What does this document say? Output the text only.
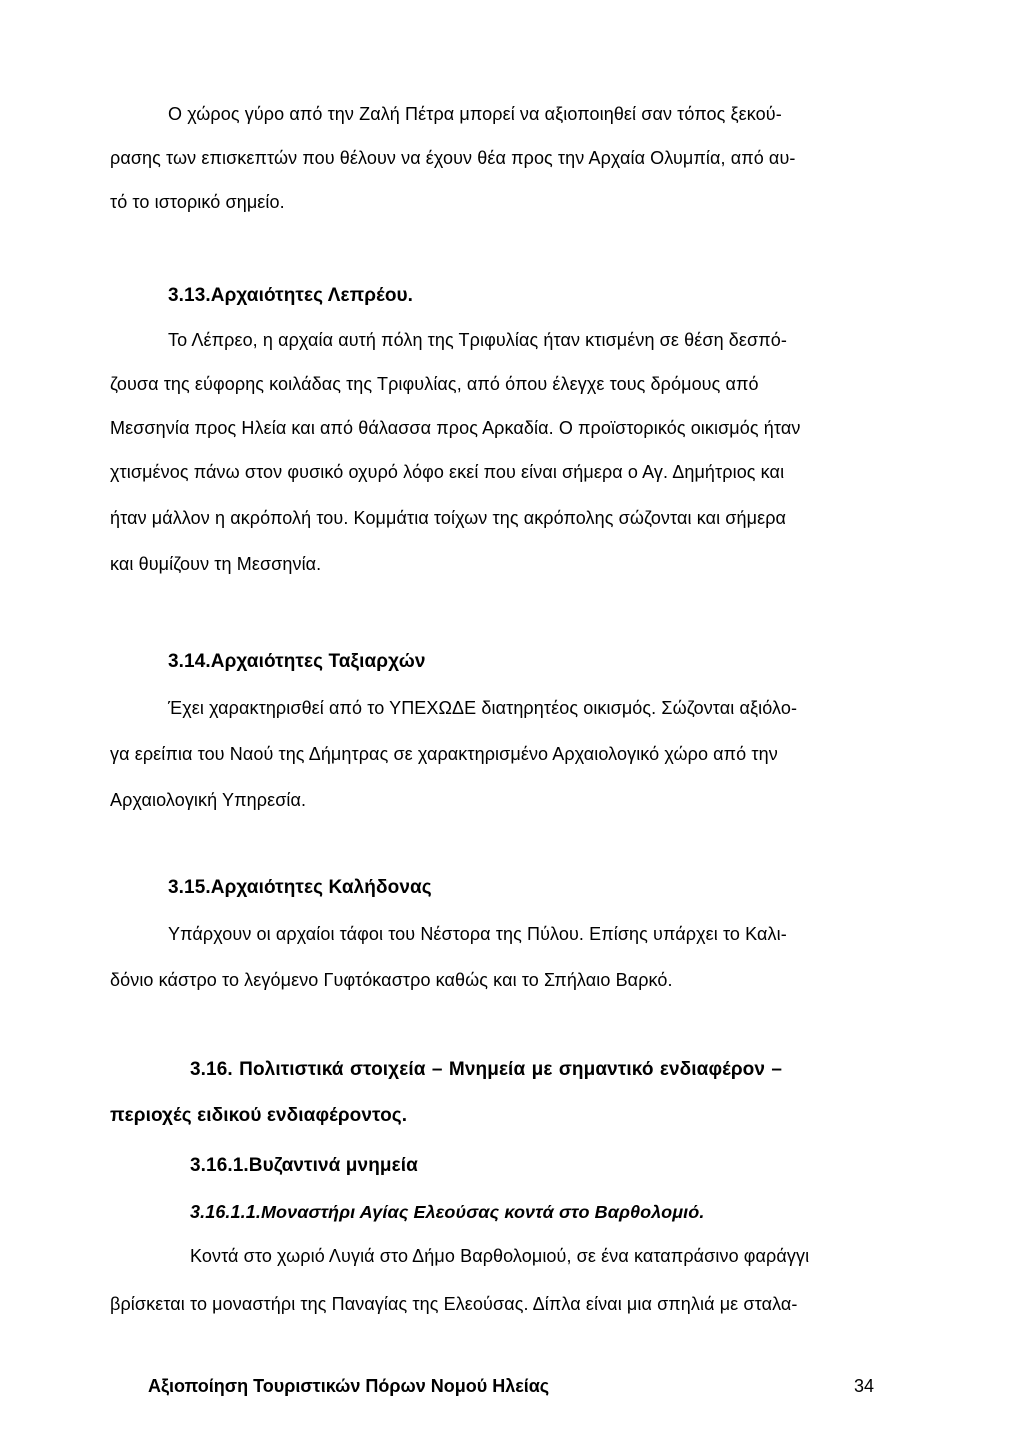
Ο χώρος γύρο από την Ζαλή Πέτρα μπορεί να αξιοποιηθεί σαν τόπος ξεκού-
ρασης των επισκεπτών που θέλουν να έχουν θέα προς την Αρχαία Ολυμπία, από αυ-
τό το ιστορικό σημείο.
3.13.Αρχαιότητες Λεπρέου.
Το Λέπρεο, η αρχαία αυτή πόλη της Τριφυλίας ήταν κτισμένη σε θέση δεσπό-
ζουσα της εύφορης κοιλάδας της Τριφυλίας, από όπου έλεγχε τους δρόμους από
Μεσσηνία προς Ηλεία και από θάλασσα προς Αρκαδία. Ο προϊστορικός οικισμός ήταν
χτισμένος πάνω στον φυσικό οχυρό λόφο εκεί που είναι σήμερα ο Αγ. Δημήτριος και
ήταν μάλλον η ακρόπολή του. Κομμάτια τοίχων της ακρόπολης σώζονται και σήμερα
και θυμίζουν τη Μεσσηνία.
3.14.Αρχαιότητες Ταξιαρχών
Έχει χαρακτηρισθεί από το ΥΠΕΧΩΔΕ διατηρητέος οικισμός. Σώζονται αξιόλο-
γα ερείπια του Ναού της Δήμητρας σε χαρακτηρισμένο Αρχαιολογικό χώρο από την
Αρχαιολογική Υπηρεσία.
3.15.Αρχαιότητες Καλήδονας
Υπάρχουν οι αρχαίοι τάφοι του Νέστορα της Πύλου. Επίσης υπάρχει το Καλι-
δόνιο κάστρο το λεγόμενο Γυφτόκαστρο καθώς και το Σπήλαιο Βαρκό.
3.16. Πολιτιστικά στοιχεία – Μνημεία με σημαντικό ενδιαφέρον –
περιοχές ειδικού ενδιαφέροντος.
3.16.1.Βυζαντινά μνημεία
3.16.1.1.Μοναστήρι Αγίας Ελεούσας κοντά στο Βαρθολομιό.
Κοντά στο χωριό Λυγιά στο Δήμο Βαρθολομιού, σε ένα καταπράσινο φαράγγι
βρίσκεται το μοναστήρι της Παναγίας της Ελεούσας. Δίπλα είναι μια σπηλιά με σταλα-
Αξιοποίηση Τουριστικών Πόρων Νομού Ηλείας	34
